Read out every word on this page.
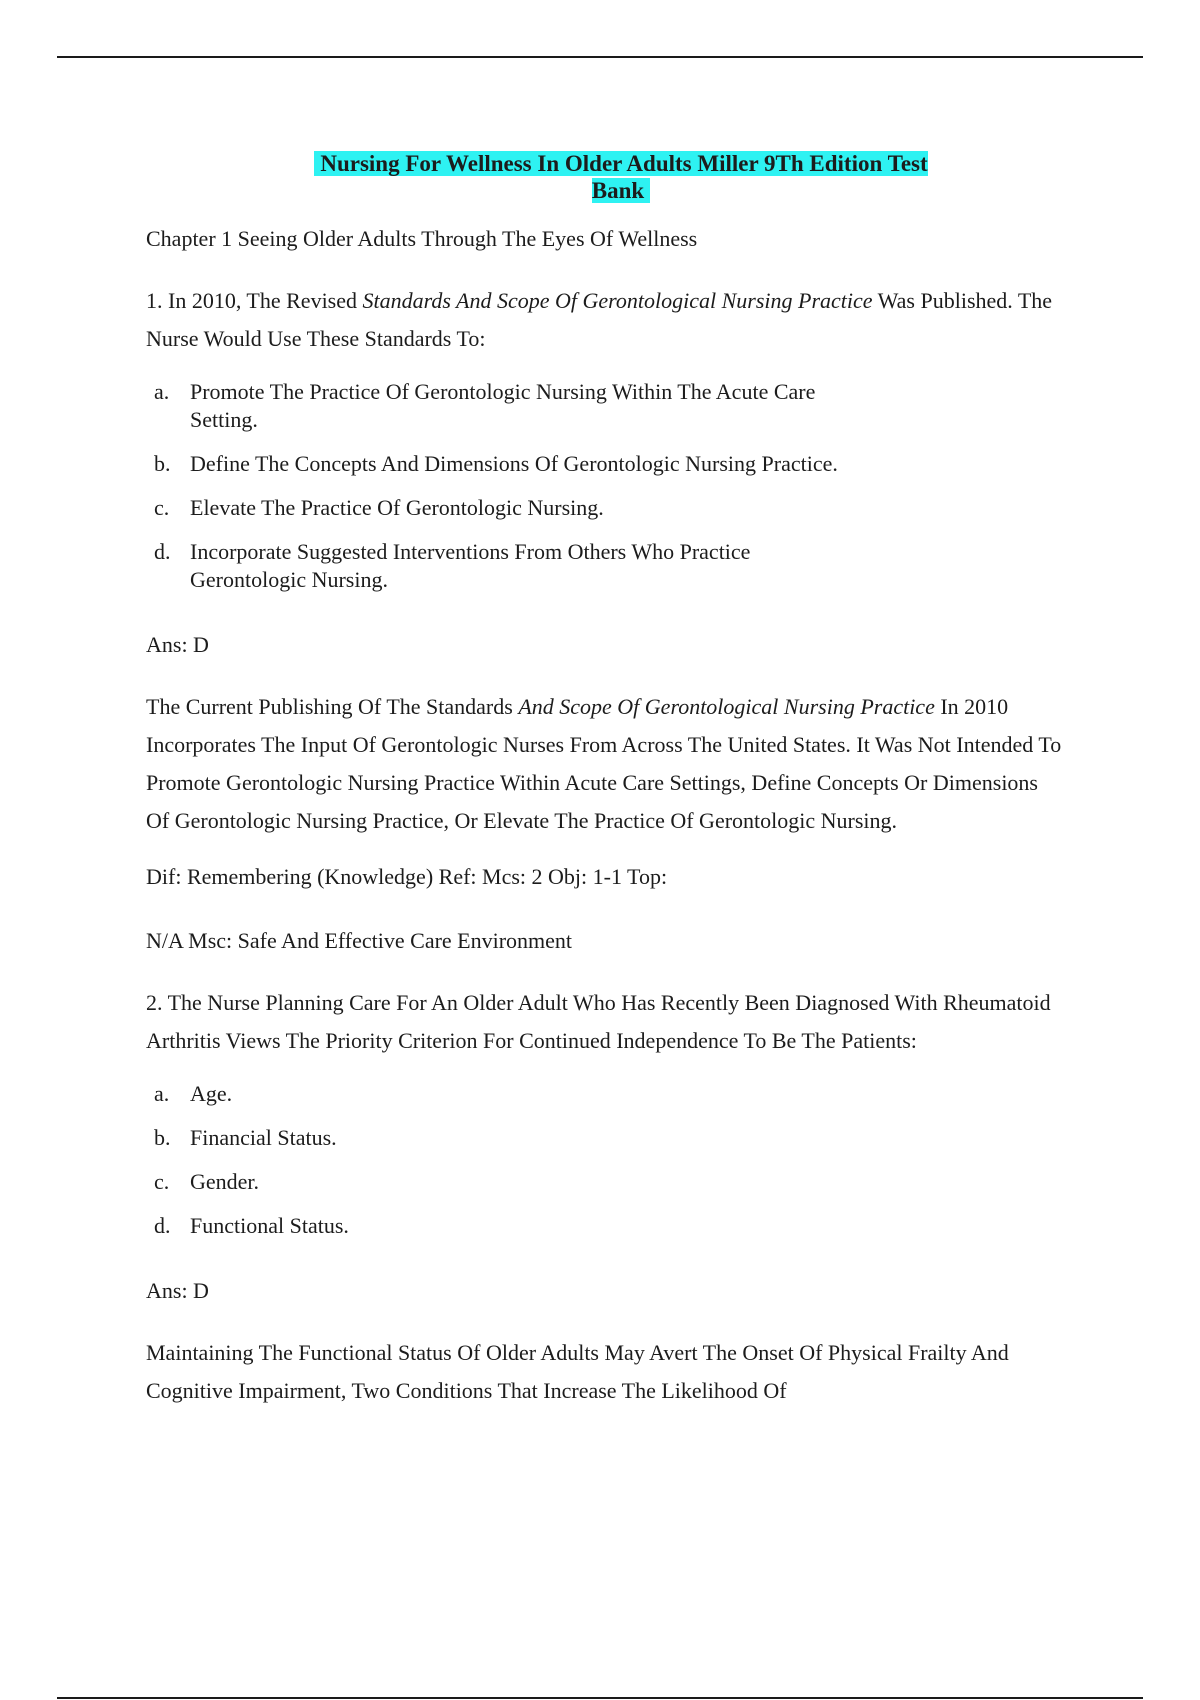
Nursing For Wellness In Older Adults Miller 9Th Edition Test Bank

Chapter 1 Seeing Older Adults Through The Eyes Of Wellness

1. In 2010, The Revised Standards And Scope Of Gerontological Nursing Practice Was Published. The Nurse Would Use These Standards To:

a. Promote The Practice Of Gerontologic Nursing Within The Acute Care Setting.
b. Define The Concepts And Dimensions Of Gerontologic Nursing Practice.
c. Elevate The Practice Of Gerontologic Nursing.
d. Incorporate Suggested Interventions From Others Who Practice Gerontologic Nursing.

Ans: D

The Current Publishing Of The Standards And Scope Of Gerontological Nursing Practice In 2010 Incorporates The Input Of Gerontologic Nurses From Across The United States. It Was Not Intended To Promote Gerontologic Nursing Practice Within Acute Care Settings, Define Concepts Or Dimensions Of Gerontologic Nursing Practice, Or Elevate The Practice Of Gerontologic Nursing.

Dif: Remembering (Knowledge) Ref: Mcs: 2 Obj: 1-1 Top:

N/A Msc: Safe And Effective Care Environment

2. The Nurse Planning Care For An Older Adult Who Has Recently Been Diagnosed With Rheumatoid Arthritis Views The Priority Criterion For Continued Independence To Be The Patients:

a. Age.
b. Financial Status.
c. Gender.
d. Functional Status.

Ans: D

Maintaining The Functional Status Of Older Adults May Avert The Onset Of Physical Frailty And Cognitive Impairment, Two Conditions That Increase The Likelihood Of
